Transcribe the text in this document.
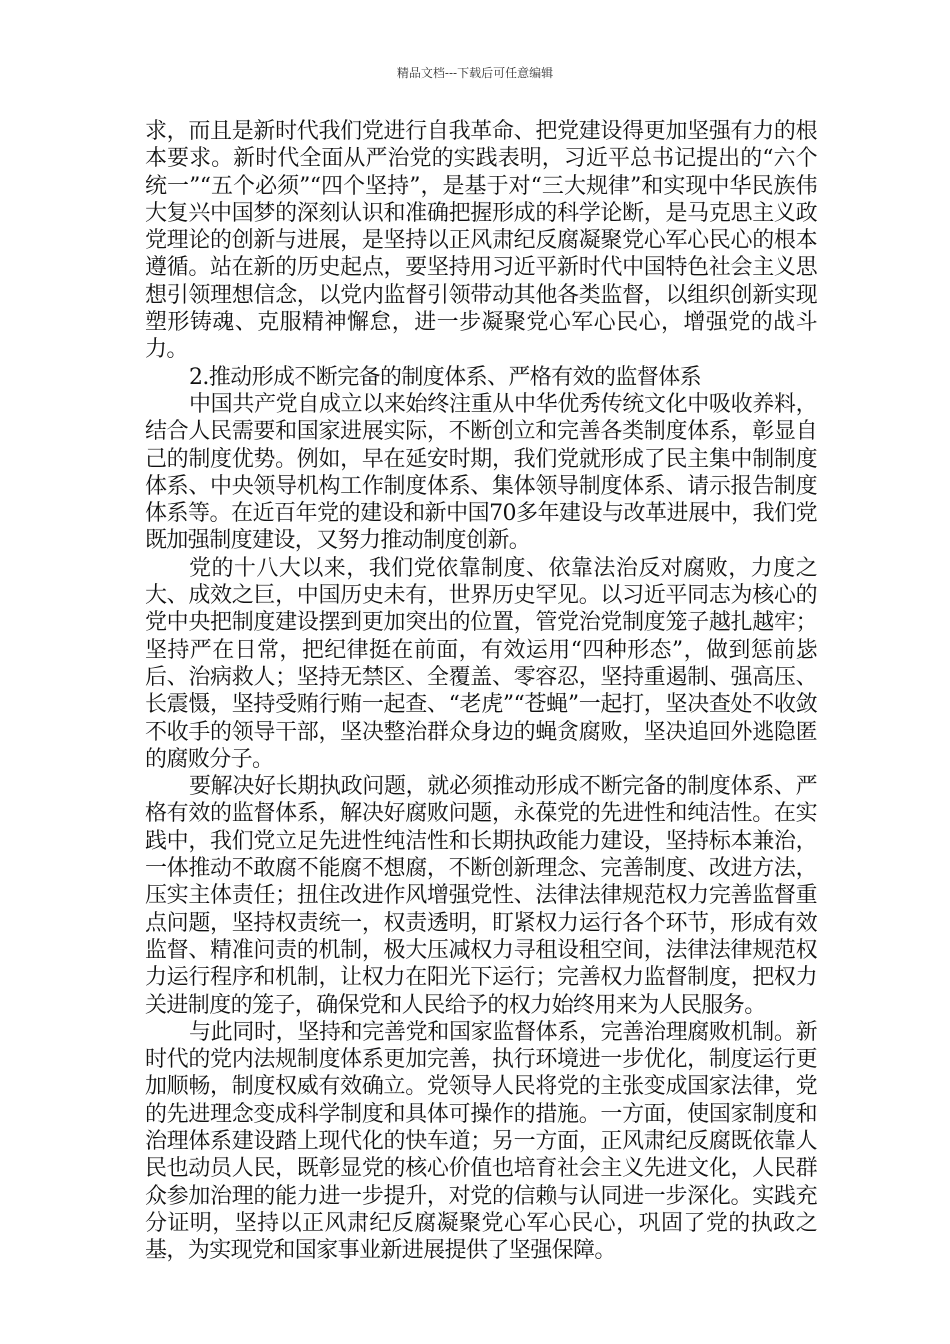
精品文档---下载后可任意编辑

求，而且是新时代我们党进行自我革命、把党建设得更加坚强有力的根本要求。新时代全面从严治党的实践表明，习近平总书记提出的“六个统一”“五个必须”“四个坚持”，是基于对“三大规律”和实现中华民族伟大复兴中国梦的深刻认识和准确把握形成的科学论断，是马克思主义政党理论的创新与进展，是坚持以正风肃纪反腐凝聚党心军心民心的根本遵循。站在新的历史起点，要坚持用习近平新时代中国特色社会主义思想引领理想信念，以党内监督引领带动其他各类监督，以组织创新实现塑形铸魂、克服精神懈怠，进一步凝聚党心军心民心，增强党的战斗力。

2.推动形成不断完备的制度体系、严格有效的监督体系

中国共产党自成立以来始终注重从中华优秀传统文化中吸收养料，结合人民需要和国家进展实际，不断创立和完善各类制度体系，彰显自己的制度优势。例如，早在延安时期，我们党就形成了民主集中制制度体系、中央领导机构工作制度体系、集体领导制度体系、请示报告制度体系等。在近百年党的建设和新中国70多年建设与改革进展中，我们党既加强制度建设，又努力推动制度创新。

党的十八大以来，我们党依靠制度、依靠法治反对腐败，力度之大、成效之巨，中国历史未有，世界历史罕见。以习近平同志为核心的党中央把制度建设摆到更加突出的位置，管党治党制度笼子越扎越牢；坚持严在日常，把纪律挺在前面，有效运用“四种形态”，做到惩前毖后、治病救人；坚持无禁区、全覆盖、零容忍，坚持重遏制、强高压、长震慑，坚持受贿行贿一起查、“老虎”“苍蝇”一起打，坚决查处不收敛不收手的领导干部，坚决整治群众身边的蝇贪腐败，坚决追回外逃隐匿的腐败分子。

要解决好长期执政问题，就必须推动形成不断完备的制度体系、严格有效的监督体系，解决好腐败问题，永葆党的先进性和纯洁性。在实践中，我们党立足先进性纯洁性和长期执政能力建设，坚持标本兼治，一体推动不敢腐不能腐不想腐，不断创新理念、完善制度、改进方法，压实主体责任；扭住改进作风增强党性、法律法律规范权力完善监督重点问题，坚持权责统一，权责透明，盯紧权力运行各个环节，形成有效监督、精准问责的机制，极大压减权力寻租设租空间，法律法律规范权力运行程序和机制，让权力在阳光下运行；完善权力监督制度，把权力关进制度的笼子，确保党和人民给予的权力始终用来为人民服务。

与此同时，坚持和完善党和国家监督体系，完善治理腐败机制。新时代的党内法规制度体系更加完善，执行环境进一步优化，制度运行更加顺畅，制度权威有效确立。党领导人民将党的主张变成国家法律，党的先进理念变成科学制度和具体可操作的措施。一方面，使国家制度和治理体系建设踏上现代化的快车道；另一方面，正风肃纪反腐既依靠人民也动员人民，既彰显党的核心价值也培育社会主义先进文化，人民群众参加治理的能力进一步提升，对党的信赖与认同进一步深化。实践充分证明，坚持以正风肃纪反腐凝聚党心军心民心，巩固了党的执政之基，为实现党和国家事业新进展提供了坚强保障。
